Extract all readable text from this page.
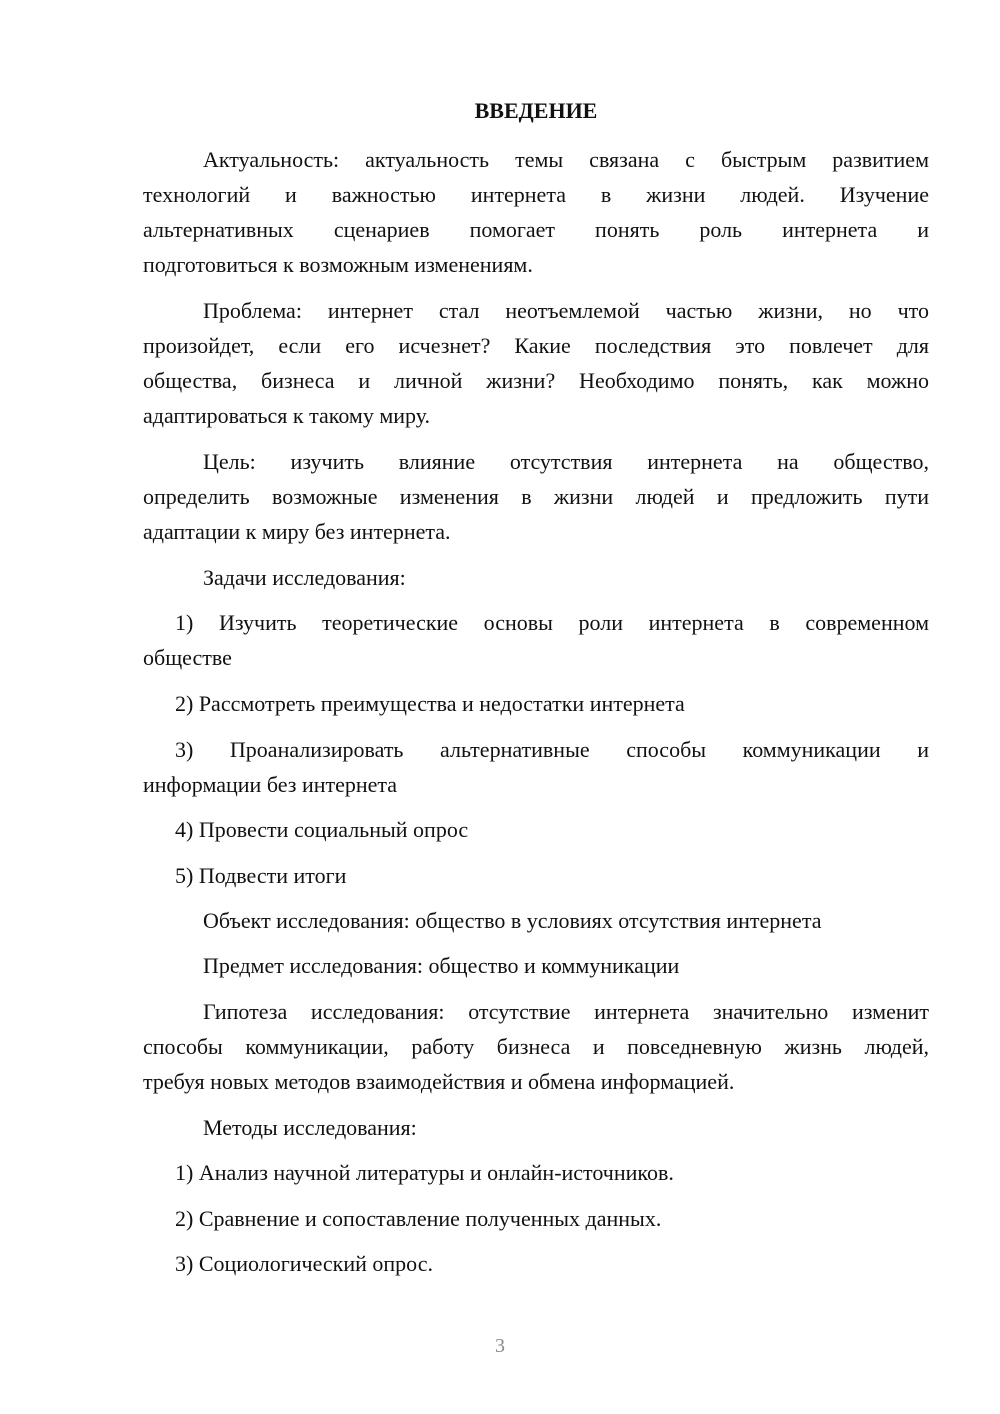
ВВЕДЕНИЕ
Актуальность: актуальность темы связана с быстрым развитием
технологий и важностью интернета в жизни людей. Изучение
альтернативных сценариев помогает понять роль интернета и
подготовиться к возможным изменениям.
Проблема: интернет стал неотъемлемой частью жизни, но что
произойдет, если его исчезнет? Какие последствия это повлечет для
общества, бизнеса и личной жизни? Необходимо понять, как можно
адаптироваться к такому миру.
Цель: изучить влияние отсутствия интернета на общество,
определить возможные изменения в жизни людей и предложить пути
адаптации к миру без интернета.
Задачи исследования:
1) Изучить теоретические основы роли интернета в современном
обществе
2) Рассмотреть преимущества и недостатки интернета
3) Проанализировать альтернативные способы коммуникации и
информации без интернета
4) Провести социальный опрос
5) Подвести итоги
Объект исследования: общество в условиях отсутствия интернета
Предмет исследования: общество и коммуникации
Гипотеза исследования: отсутствие интернета значительно изменит
способы коммуникации, работу бизнеса и повседневную жизнь людей,
требуя новых методов взаимодействия и обмена информацией.
Методы исследования:
1) Анализ научной литературы и онлайн-источников.
2) Сравнение и сопоставление полученных данных.
3) Социологический опрос.
3
